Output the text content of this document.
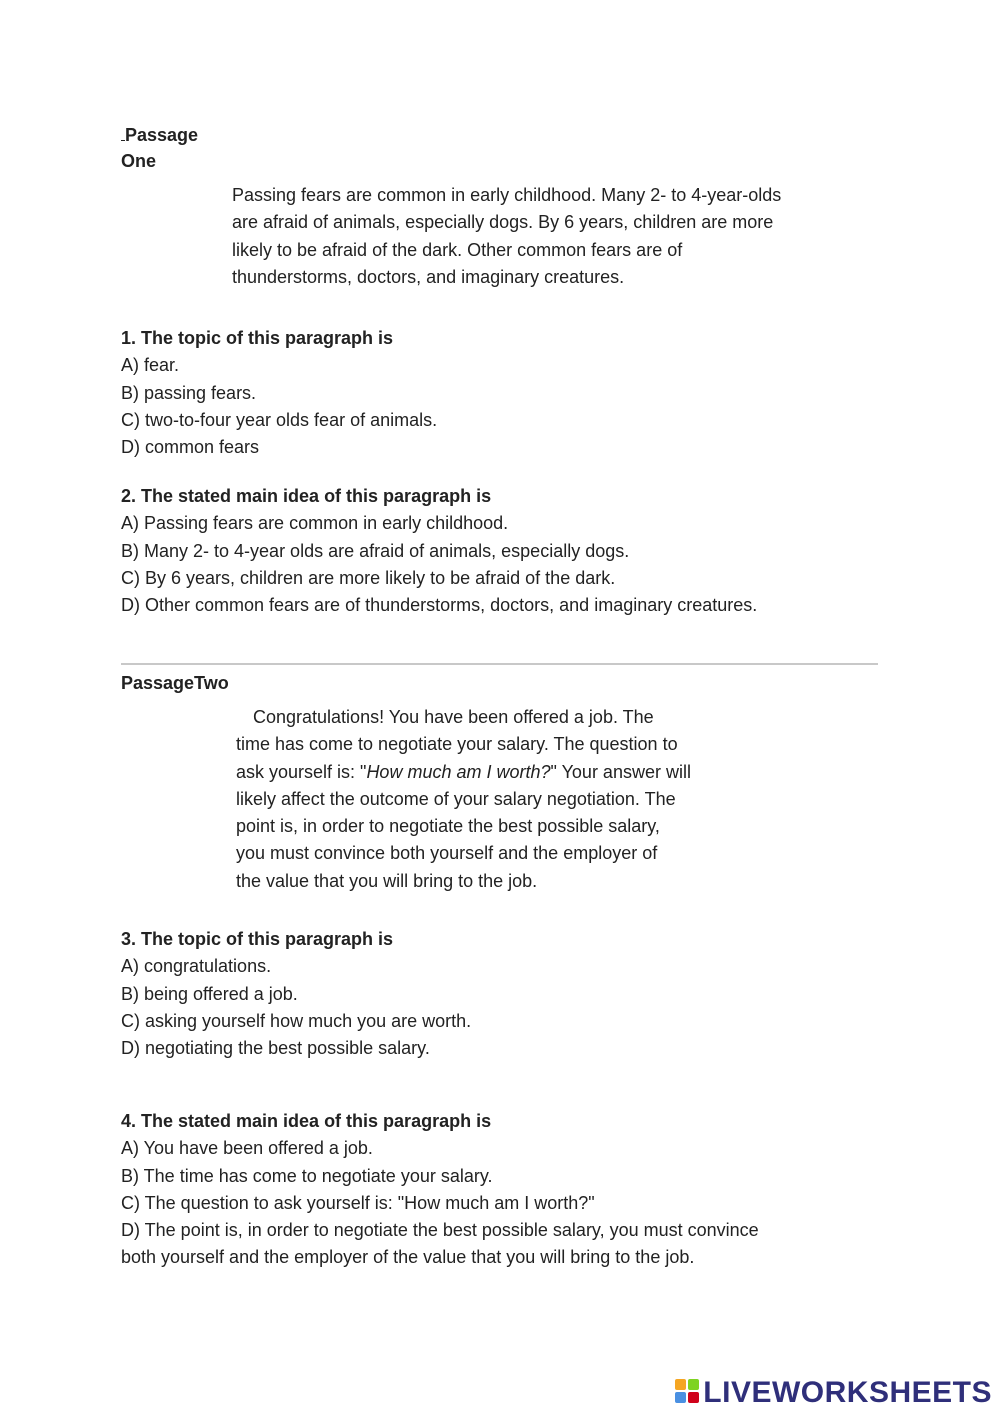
Passage
One
Passing fears are common in early childhood. Many 2- to 4-year-olds
are afraid of animals, especially dogs. By 6 years, children are more
likely to be afraid of the dark. Other common fears are of
thunderstorms, doctors, and imaginary creatures.
1. The topic of this paragraph is
A) fear.
B) passing fears.
C) two-to-four year olds fear of animals.
D) common fears
2. The stated main idea of this paragraph is
A) Passing fears are common in early childhood.
B) Many 2- to 4-year olds are afraid of animals, especially dogs.
C) By 6 years, children are more likely to be afraid of the dark.
D) Other common fears are of thunderstorms, doctors, and imaginary creatures.
PassageTwo
Congratulations! You have been offered a job. The
time has come to negotiate your salary. The question to
ask yourself is: "How much am I worth?" Your answer will
likely affect the outcome of your salary negotiation. The
point is, in order to negotiate the best possible salary,
you must convince both yourself and the employer of
the value that you will bring to the job.
3. The topic of this paragraph is
A) congratulations.
B) being offered a job.
C) asking yourself how much you are worth.
D) negotiating the best possible salary.
4. The stated main idea of this paragraph is
A) You have been offered a job.
B) The time has come to negotiate your salary.
C) The question to ask yourself is: "How much am I worth?"
D) The point is, in order to negotiate the best possible salary, you must convince
both yourself and the employer of the value that you will bring to the job.
LIVEWORKSHEETS
